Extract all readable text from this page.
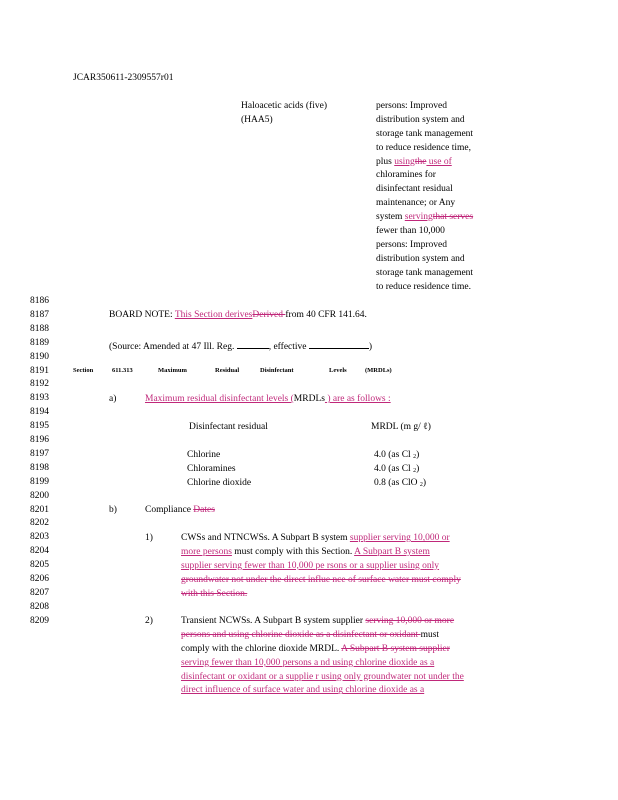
JCAR350611-2309557r01
Haloacetic acids (five)
(HAA5)
persons: Improved
distribution system and
storage tank management
to reduce residence time,
plus usingthe use of
chloramines for
disinfectant residual
maintenance; or Any
system servingthat serves
fewer than 10,000
persons: Improved
distribution system and
storage tank management
to reduce residence time.
8186
8187
8188
8189
8190
8191
8192
8193
8194
8195
8196
8197
8198
8199
8200
8201
8202
8203
8204
8205
8206
8207
8208
8209
BOARD NOTE: This Section derivesDerived from 40 CFR 141.64.
(Source: Amended at 47 Ill. Reg.	, effective	)
Section	611.313	Maximum	Residual	Disinfectant	Levels	(MRDLs)
a)	Maximum residual disinfectant levels (MRDLs ) are as follows :
Disinfectant residual	MRDL (m g/ ℓ)
Chlorine	4.0 (as Cl 2)
Chloramines	4.0 (as Cl 2)
Chlorine dioxide	0.8 (as ClO 2)
b)	Compliance Dates
1)	CWSs and NTNCWSs. A Subpart B system supplier serving 10,000 or
more persons must comply with this Section. A Subpart B system
supplier serving fewer than 10,000 pe rsons or a supplier using only
groundwater not under the direct influe nce of surface water must comply
with this Section.
2)	Transient NCWSs. A Subpart B system supplier serving 10,000 or more
persons and using chlorine dioxide as a disinfectant or oxidant must
comply with the chlorine dioxide MRDL. A Subpart B system supplier
serving fewer than 10,000 persons a nd using chlorine dioxide as a
disinfectant or oxidant or a supplie r using only groundwater not under the
direct influence of surface water and using chlorine dioxide as a
